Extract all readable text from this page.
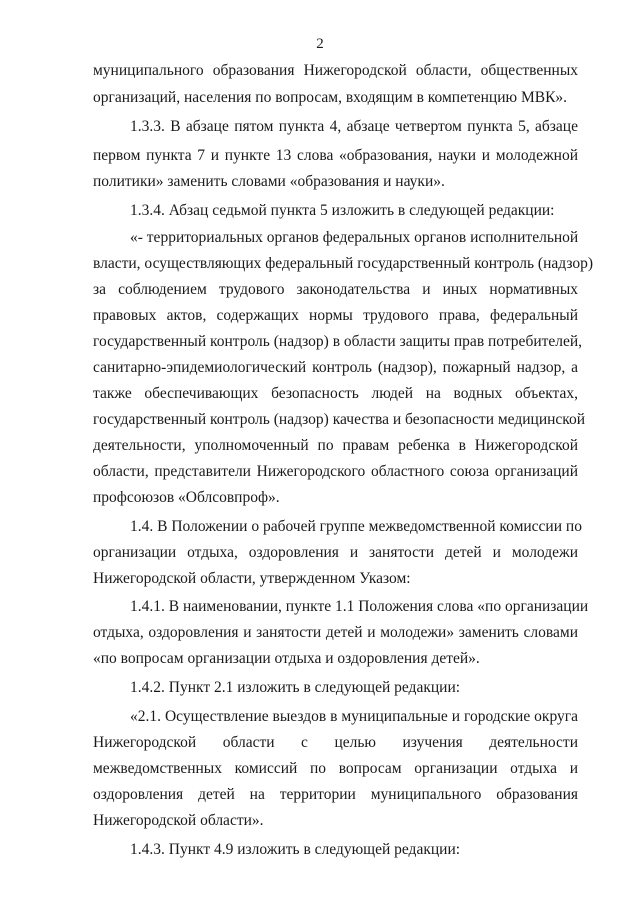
2
муниципального образования Нижегородской области, общественных
организаций, населения по вопросам, входящим в компетенцию МВК».
1.3.3. В абзаце пятом пункта 4, абзаце четвертом пункта 5, абзаце
первом пункта 7 и пункте 13 слова «образования, науки и молодежной
политики» заменить словами «образования и науки».
1.3.4. Абзац седьмой пункта 5 изложить в следующей редакции:
«- территориальных органов федеральных органов исполнительной
власти, осуществляющих федеральный государственный контроль (надзор)
за соблюдением трудового законодательства и иных нормативных
правовых актов, содержащих нормы трудового права, федеральный
государственный контроль (надзор) в области защиты прав потребителей,
санитарно-эпидемиологический контроль (надзор), пожарный надзор, а
также обеспечивающих безопасность людей на водных объектах,
государственный контроль (надзор) качества и безопасности медицинской
деятельности, уполномоченный по правам ребенка в Нижегородской
области, представители Нижегородского областного союза организаций
профсоюзов «Облсовпроф».
1.4. В Положении о рабочей группе межведомственной комиссии по
организации отдыха, оздоровления и занятости детей и молодежи
Нижегородской области, утвержденном Указом:
1.4.1. В наименовании, пункте 1.1 Положения слова «по организации
отдыха, оздоровления и занятости детей и молодежи» заменить словами
«по вопросам организации отдыха и оздоровления детей».
1.4.2. Пункт 2.1 изложить в следующей редакции:
«2.1. Осуществление выездов в муниципальные и городские округа
Нижегородской области с целью изучения деятельности
межведомственных комиссий по вопросам организации отдыха и
оздоровления детей на территории муниципального образования
Нижегородской области».
1.4.3. Пункт 4.9 изложить в следующей редакции:
